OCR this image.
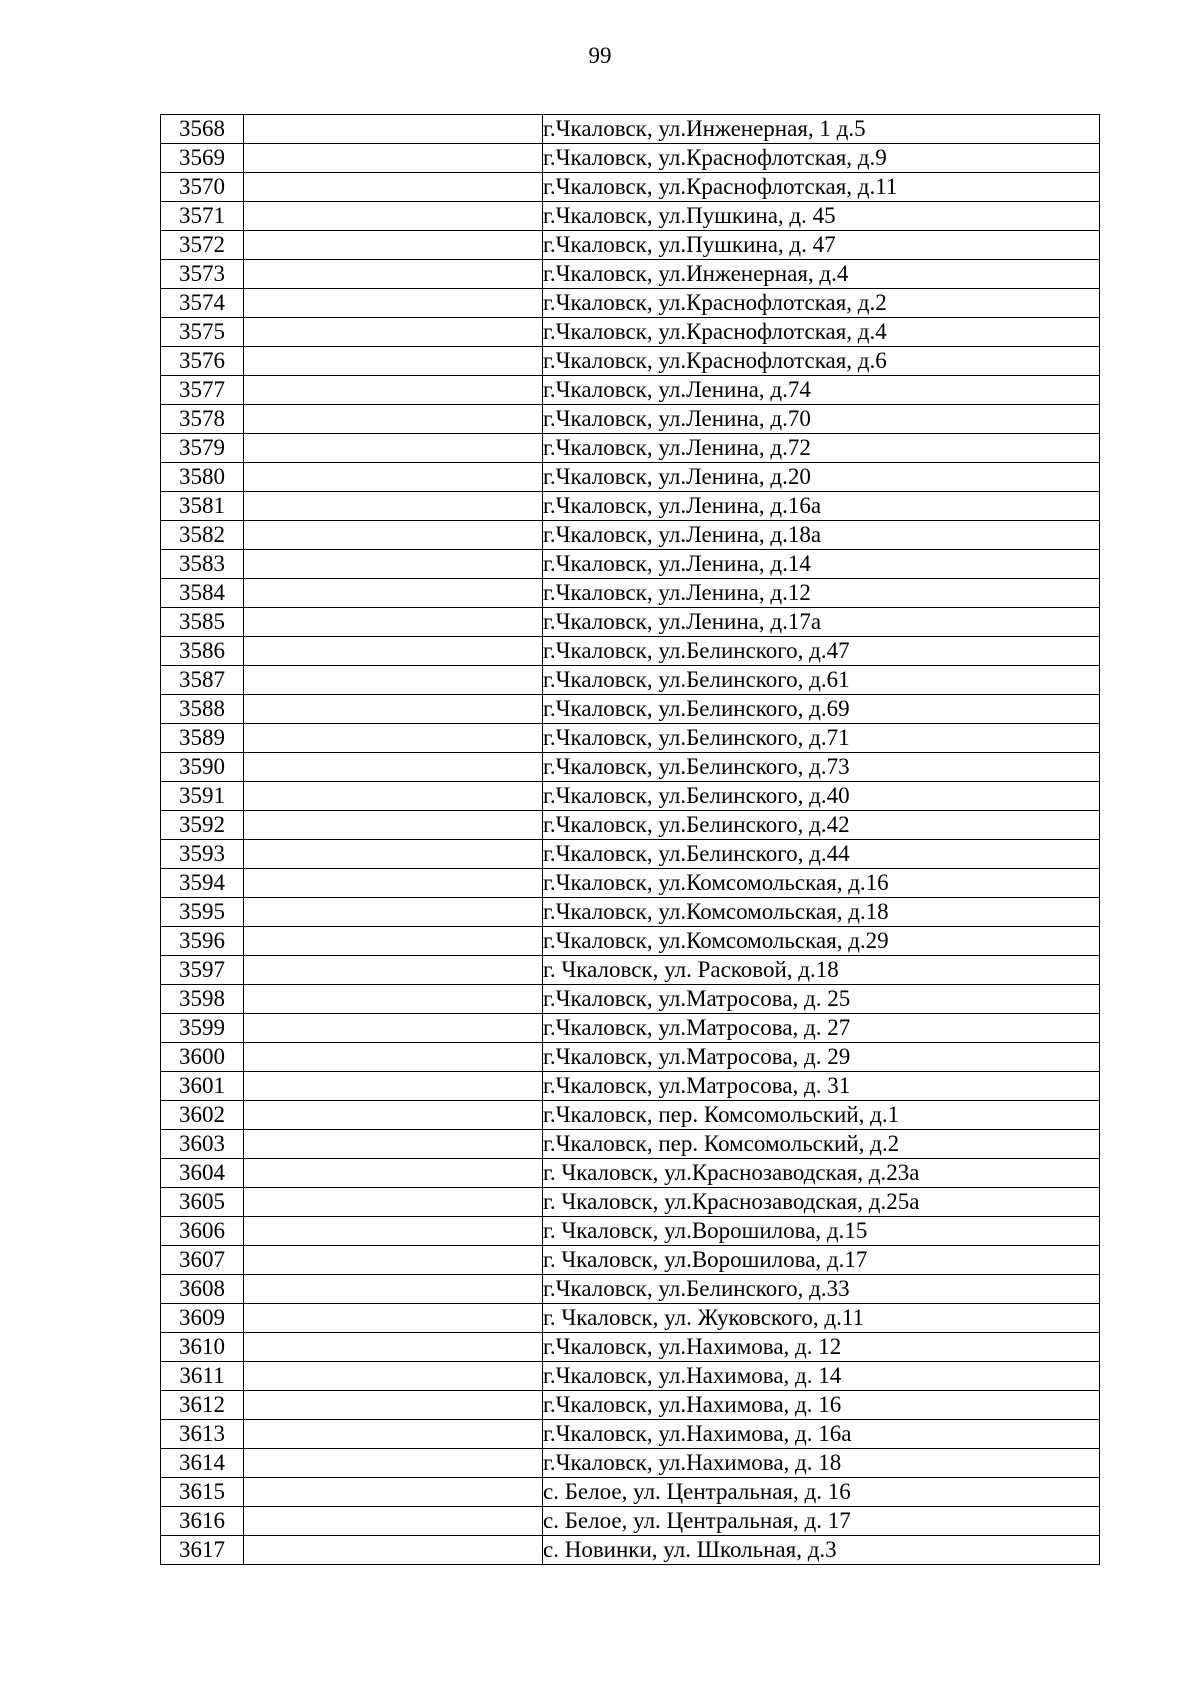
99
3568		г.Чкаловск, ул.Инженерная, 1 д.5
3569		г.Чкаловск, ул.Краснофлотская, д.9
3570		г.Чкаловск, ул.Краснофлотская, д.11
3571		г.Чкаловск, ул.Пушкина, д. 45
3572		г.Чкаловск, ул.Пушкина, д. 47
3573		г.Чкаловск, ул.Инженерная, д.4
3574		г.Чкаловск, ул.Краснофлотская, д.2
3575		г.Чкаловск, ул.Краснофлотская, д.4
3576		г.Чкаловск, ул.Краснофлотская, д.6
3577		г.Чкаловск, ул.Ленина, д.74
3578		г.Чкаловск, ул.Ленина, д.70
3579		г.Чкаловск, ул.Ленина, д.72
3580		г.Чкаловск, ул.Ленина, д.20
3581		г.Чкаловск, ул.Ленина, д.16а
3582		г.Чкаловск, ул.Ленина, д.18а
3583		г.Чкаловск, ул.Ленина, д.14
3584		г.Чкаловск, ул.Ленина, д.12
3585		г.Чкаловск, ул.Ленина, д.17а
3586		г.Чкаловск, ул.Белинского, д.47
3587		г.Чкаловск, ул.Белинского, д.61
3588		г.Чкаловск, ул.Белинского, д.69
3589		г.Чкаловск, ул.Белинского, д.71
3590		г.Чкаловск, ул.Белинского, д.73
3591		г.Чкаловск, ул.Белинского, д.40
3592		г.Чкаловск, ул.Белинского, д.42
3593		г.Чкаловск, ул.Белинского, д.44
3594		г.Чкаловск, ул.Комсомольская, д.16
3595		г.Чкаловск, ул.Комсомольская, д.18
3596		г.Чкаловск, ул.Комсомольская, д.29
3597		г. Чкаловск, ул. Расковой, д.18
3598		г.Чкаловск, ул.Матросова, д. 25
3599		г.Чкаловск, ул.Матросова, д. 27
3600		г.Чкаловск, ул.Матросова, д. 29
3601		г.Чкаловск, ул.Матросова, д. 31
3602		г.Чкаловск, пер. Комсомольский, д.1
3603		г.Чкаловск, пер. Комсомольский, д.2
3604		г. Чкаловск, ул.Краснозаводская, д.23а
3605		г. Чкаловск, ул.Краснозаводская, д.25а
3606		г. Чкаловск, ул.Ворошилова, д.15
3607		г. Чкаловск, ул.Ворошилова, д.17
3608		г.Чкаловск, ул.Белинского, д.33
3609		г. Чкаловск, ул. Жуковского, д.11
3610		г.Чкаловск, ул.Нахимова, д. 12
3611		г.Чкаловск, ул.Нахимова, д. 14
3612		г.Чкаловск, ул.Нахимова, д. 16
3613		г.Чкаловск, ул.Нахимова, д. 16а
3614		г.Чкаловск, ул.Нахимова, д. 18
3615		с. Белое, ул. Центральная, д. 16
3616		с. Белое, ул. Центральная, д. 17
3617		с. Новинки, ул. Школьная, д.3
